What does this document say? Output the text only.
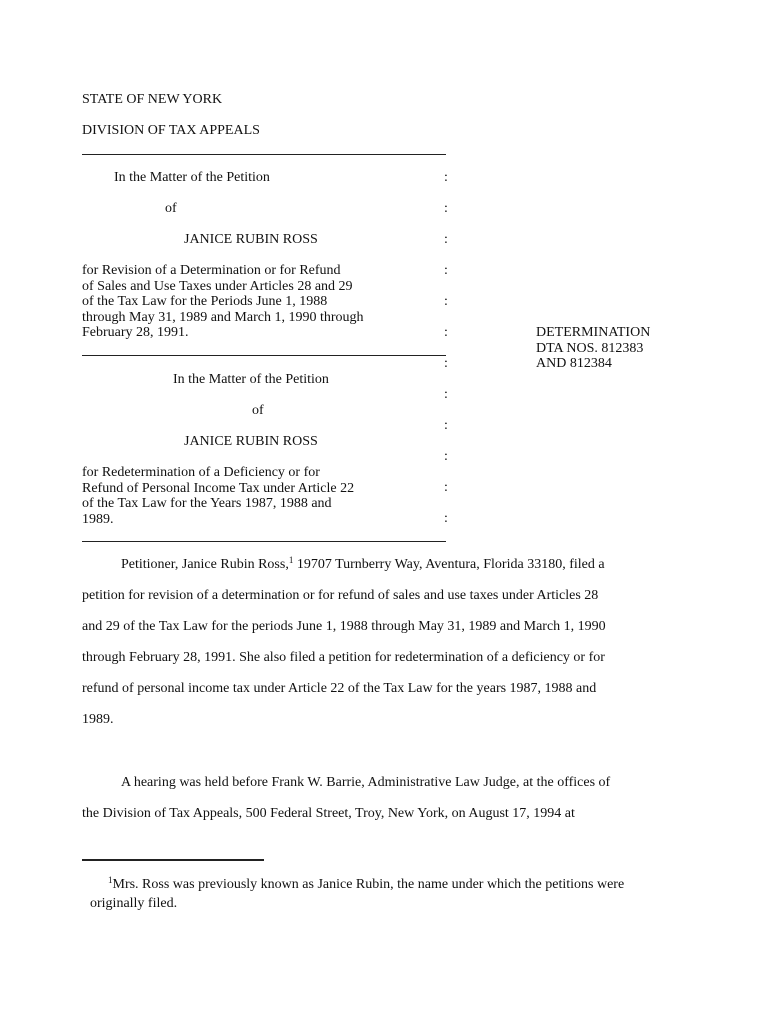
STATE OF NEW YORK
DIVISION OF TAX APPEALS
In the Matter of the Petition
of
JANICE RUBIN ROSS
for Revision of a Determination or for Refund
of Sales and Use Taxes under Articles 28 and 29
of the Tax Law for the Periods June 1, 1988
through May 31, 1989 and March 1, 1990 through
February 28, 1991.
In the Matter of the Petition
of
JANICE RUBIN ROSS
for Redetermination of a Deficiency or for
Refund of Personal Income Tax under Article 22
of the Tax Law for the Years 1987, 1988 and
1989.
:
:
:
:
:
:
:
:
:
:
:
:
DETERMINATION
DTA NOS. 812383
AND 812384
Petitioner, Janice Rubin Ross,$^1$ 19707 Turnberry Way, Aventura, Florida 33180, filed a
petition for revision of a determination or for refund of sales and use taxes under Articles 28
and 29 of the Tax Law for the periods June 1, 1988 through May 31, 1989 and March 1, 1990
through February 28, 1991. She also filed a petition for redetermination of a deficiency or for
refund of personal income tax under Article 22 of the Tax Law for the years 1987, 1988 and
1989.
A hearing was held before Frank W. Barrie, Administrative Law Judge, at the offices of
the Division of Tax Appeals, 500 Federal Street, Troy, New York, on August 17, 1994 at
$^1$Mrs. Ross was previously known as Janice Rubin, the name under which the petitions were
originally filed.
